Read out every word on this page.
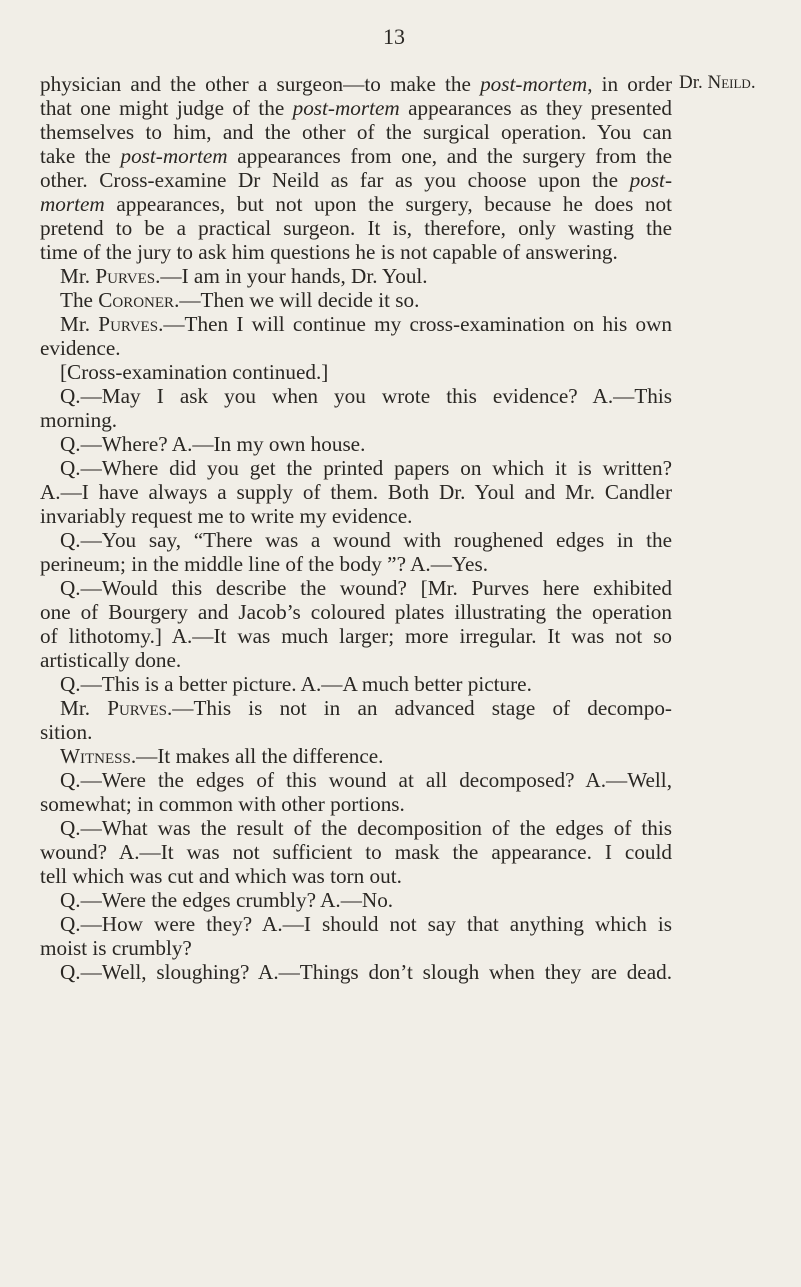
13
Dr. Neild.
physician and the other a surgeon—to make the post-mortem, in order
that one might judge of the post-mortem appearances as they presented
themselves to him, and the other of the surgical operation. You can
take the post-mortem appearances from one, and the surgery from the
other. Cross-examine Dr Neild as far as you choose upon the post-
mortem appearances, but not upon the surgery, because he does not
pretend to be a practical surgeon. It is, therefore, only wasting the
time of the jury to ask him questions he is not capable of answering.
Mr. Purves.—I am in your hands, Dr. Youl.
The Coroner.—Then we will decide it so.
Mr. Purves.—Then I will continue my cross-examination on his own
evidence.
[Cross-examination continued.]
Q.—May I ask you when you wrote this evidence? A.—This
morning.
Q.—Where? A.—In my own house.
Q.—Where did you get the printed papers on which it is written?
A.—I have always a supply of them. Both Dr. Youl and Mr. Candler
invariably request me to write my evidence.
Q.—You say, “There was a wound with roughened edges in the
perineum; in the middle line of the body ”? A.—Yes.
Q.—Would this describe the wound? [Mr. Purves here exhibited
one of Bourgery and Jacob’s coloured plates illustrating the operation
of lithotomy.] A.—It was much larger; more irregular. It was not so
artistically done.
Q.—This is a better picture. A.—A much better picture.
Mr. Purves.—This is not in an advanced stage of decompo-
sition.
Witness.—It makes all the difference.
Q.—Were the edges of this wound at all decomposed? A.—Well,
somewhat; in common with other portions.
Q.—What was the result of the decomposition of the edges of this
wound? A.—It was not sufficient to mask the appearance. I could
tell which was cut and which was torn out.
Q.—Were the edges crumbly? A.—No.
Q.—How were they? A.—I should not say that anything which is
moist is crumbly?
Q.—Well, sloughing? A.—Things don’t slough when they are dead.
